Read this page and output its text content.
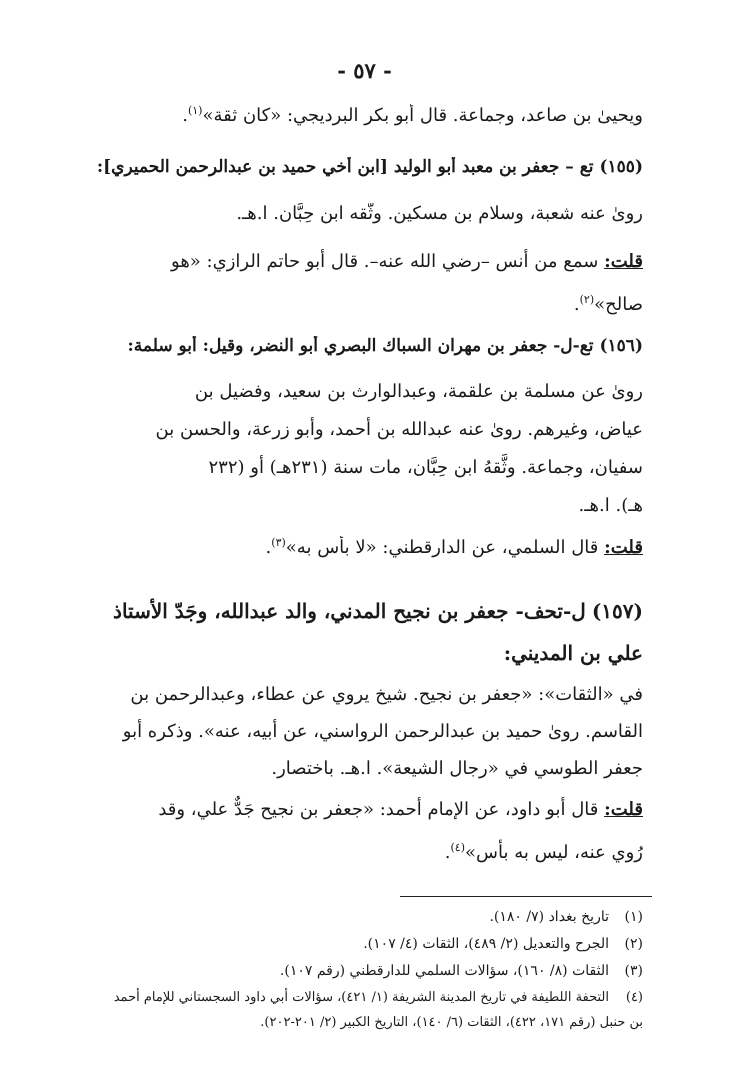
- ٥٧ -
ويحيىٰ بن صاعد، وجماعة. قال أبو بكر البرديجي: «كان ثقة»$^{(١)}$.
(١٥٥)تع – جعفر بن معبد أبو الوليد [ابن أخي حميد بن عبدالرحمن الحميري]:
رویٰ عنه شعبة، وسلام بن مسكين. وثَّقه ابن حِبَّان. ا.هـ.
قلت: سمع من أنس –رضي الله عنه–. قال أبو حاتم الرازي: «هو
صالح»$^{(٢)}$.
(١٥٦)تع-ل- جعفر بن مهران السباك البصري أبو النضر، وقيل: أبو سلمة:
رویٰ عن مسلمة بن علقمة، وعبدالوارث بن سعيد، وفضيل بن
عياض، وغيرهم. رویٰ عنه عبدالله بن أحمد، وأبو زرعة، والحسن بن
سفيان، وجماعة. وثَّقهُ ابن حِبَّان، مات سنة (٢٣١هـ) أو (٢٣٢
هـ). ا.هـ.
قلت: قال السلمي، عن الدارقطني: «لا بأس به»$^{(٣)}$.
(١٥٧)ل-تحف- جعفر بن نجيح المدني، والد عبدالله، وجَدّ الأستاذ
علي بن المديني:
في «الثقات»: «جعفر بن نجيح. شيخ يروي عن عطاء، وعبدالرحمن بن
القاسم. رویٰ حميد بن عبدالرحمن الرواسني، عن أبيه، عنه». وذكره أبو
جعفر الطوسي في «رجال الشيعة». ا.هـ. باختصار.
قلت: قال أبو داود، عن الإمام أحمد: «جعفر بن نجيح جَدٌّ علي، وقد
رُوي عنه، ليس به بأس»$^{(٤)}$.
(١)تاريخ بغداد (٧/ ١٨٠).
(٢)الجرح والتعديل (٢/ ٤٨٩)، الثقات (٤/ ١٠٧).
(٣)الثقات (٨/ ١٦٠)، سؤالات السلمي للدارقطني (رقم ١٠٧).
(٤)التحفة اللطيفة في تاريخ المدينة الشريفة (١/ ٤٢١)، سؤالات أبي داود السجستاني للإمام أحمد
بن حنبل (رقم ١٧١، ٤٢٢)، الثقات (٦/ ١٤٠)، التاريخ الكبير (٢/ ٢٠١-٢٠٢).
